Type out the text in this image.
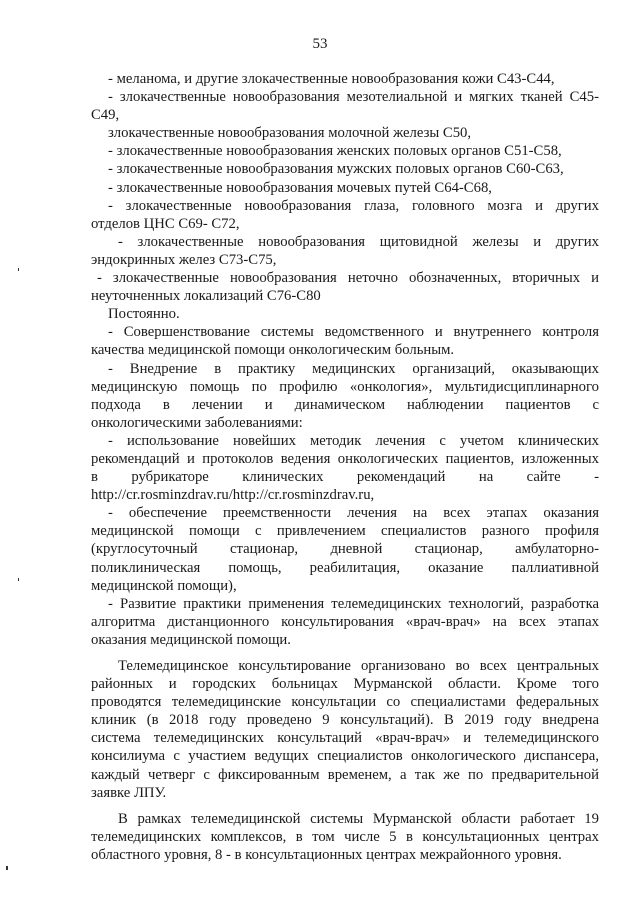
53
- меланома, и другие злокачественные новообразования кожи С43-С44,
- злокачественные новообразования мезотелиальной и мягких тканей С45-
С49,
злокачественные новообразования молочной железы С50,
- злокачественные новообразования женских половых органов С51-С58,
- злокачественные новообразования мужских половых органов С60-С63,
- злокачественные новообразования мочевых путей С64-С68,
- злокачественные новообразования глаза, головного мозга и других
отделов ЦНС С69- С72,
- злокачественные новообразования щитовидной железы и других
эндокринных желез С73-С75,
- злокачественные новообразования неточно обозначенных, вторичных и
неуточненных локализаций С76-С80
Постоянно.
- Совершенствование системы ведомственного и внутреннего контроля
качества медицинской помощи онкологическим больным.
- Внедрение в практику медицинских организаций, оказывающих
медицинскую помощь по профилю «онкология», мультидисциплинарного
подхода в лечении и динамическом наблюдении пациентов с
онкологическими заболеваниями:
- использование новейших методик лечения с учетом клинических
рекомендаций и протоколов ведения онкологических пациентов, изложенных
в рубрикаторе клинических рекомендаций на сайте -
http://cr.rosminzdrav.ru/http://cr.rosminzdrav.ru,
- обеспечение преемственности лечения на всех этапах оказания
медицинской помощи с привлечением специалистов разного профиля
(круглосуточный стационар, дневной стационар, амбулаторно-
поликлиническая помощь, реабилитация, оказание паллиативной
медицинской помощи),
- Развитие практики применения телемедицинских технологий, разработка
алгоритма дистанционного консультирования «врач-врач» на всех этапах
оказания медицинской помощи.
Телемедицинское консультирование организовано во всех центральных
районных и городских больницах Мурманской области. Кроме того
проводятся телемедицинские консультации со специалистами федеральных
клиник (в 2018 году проведено 9 консультаций). В 2019 году внедрена
система телемедицинских консультаций «врач-врач» и телемедицинского
консилиума с участием ведущих специалистов онкологического диспансера,
каждый четверг с фиксированным временем, а так же по предварительной
заявке ЛПУ.
В рамках телемедицинской системы Мурманской области работает 19
телемедицинских комплексов, в том числе 5 в консультационных центрах
областного уровня, 8 - в консультационных центрах межрайонного уровня.
